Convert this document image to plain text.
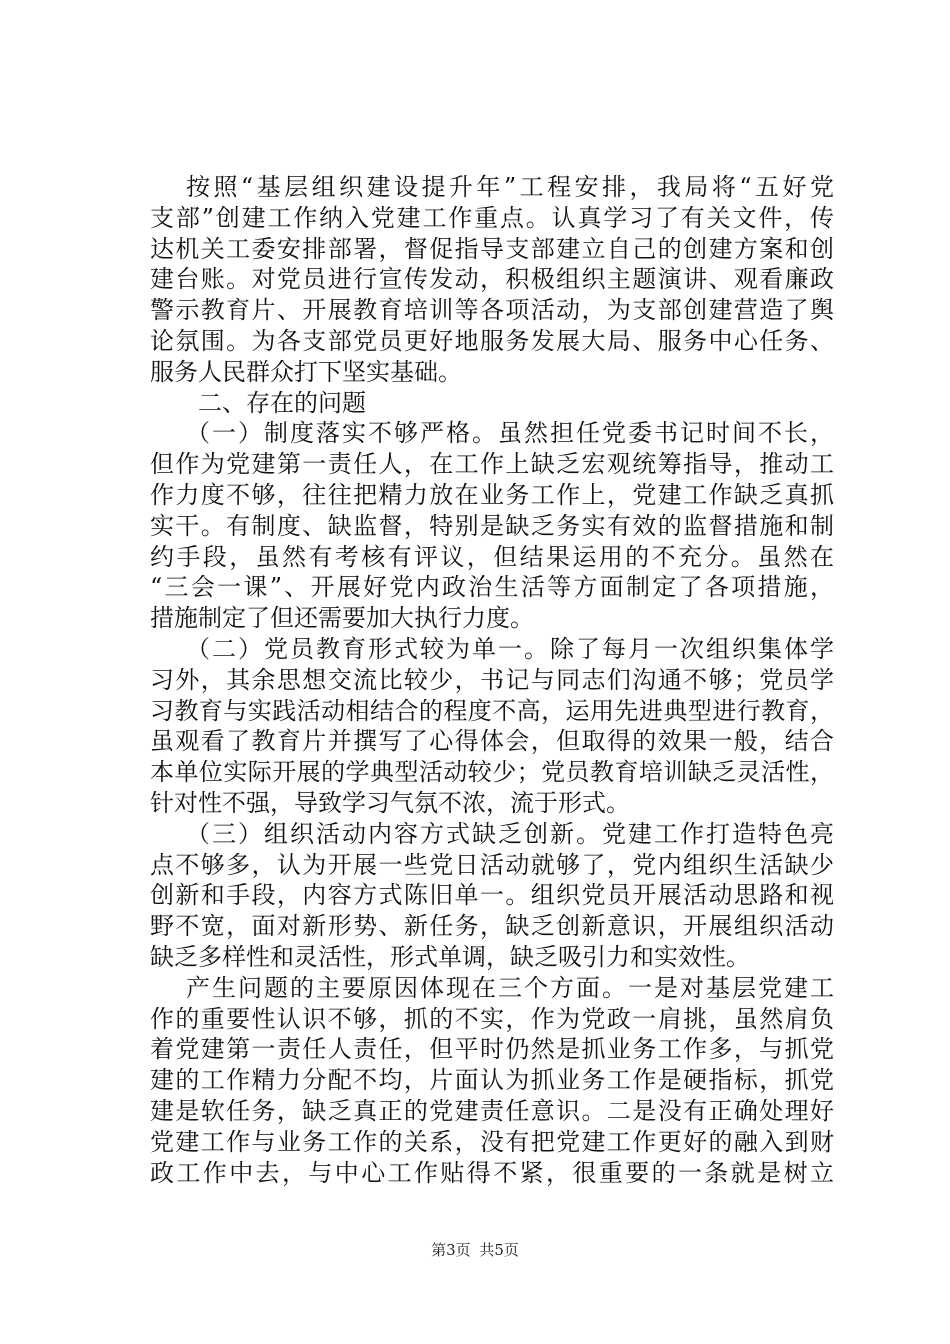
按照“基层组织建设提升年”工程安排，我局将“五好党
支部”创建工作纳入党建工作重点。认真学习了有关文件，传
达机关工委安排部署，督促指导支部建立自己的创建方案和创
建台账。对党员进行宣传发动，积极组织主题演讲、观看廉政
警示教育片、开展教育培训等各项活动，为支部创建营造了舆
论氛围。为各支部党员更好地服务发展大局、服务中心任务、
服务人民群众打下坚实基础。
二、存在的问题
（一）制度落实不够严格。虽然担任党委书记时间不长，
但作为党建第一责任人，在工作上缺乏宏观统筹指导，推动工
作力度不够，往往把精力放在业务工作上，党建工作缺乏真抓
实干。有制度、缺监督，特别是缺乏务实有效的监督措施和制
约手段，虽然有考核有评议，但结果运用的不充分。虽然在
“三会一课”、开展好党内政治生活等方面制定了各项措施，
措施制定了但还需要加大执行力度。
（二）党员教育形式较为单一。除了每月一次组织集体学
习外，其余思想交流比较少，书记与同志们沟通不够；党员学
习教育与实践活动相结合的程度不高，运用先进典型进行教育，
虽观看了教育片并撰写了心得体会，但取得的效果一般，结合
本单位实际开展的学典型活动较少；党员教育培训缺乏灵活性，
针对性不强，导致学习气氛不浓，流于形式。
（三）组织活动内容方式缺乏创新。党建工作打造特色亮
点不够多，认为开展一些党日活动就够了，党内组织生活缺少
创新和手段，内容方式陈旧单一。组织党员开展活动思路和视
野不宽，面对新形势、新任务，缺乏创新意识，开展组织活动
缺乏多样性和灵活性，形式单调，缺乏吸引力和实效性。
产生问题的主要原因体现在三个方面。一是对基层党建工
作的重要性认识不够，抓的不实，作为党政一肩挑，虽然肩负
着党建第一责任人责任，但平时仍然是抓业务工作多，与抓党
建的工作精力分配不均，片面认为抓业务工作是硬指标，抓党
建是软任务，缺乏真正的党建责任意识。二是没有正确处理好
党建工作与业务工作的关系，没有把党建工作更好的融入到财
政工作中去，与中心工作贴得不紧，很重要的一条就是树立
第3页 共5页
